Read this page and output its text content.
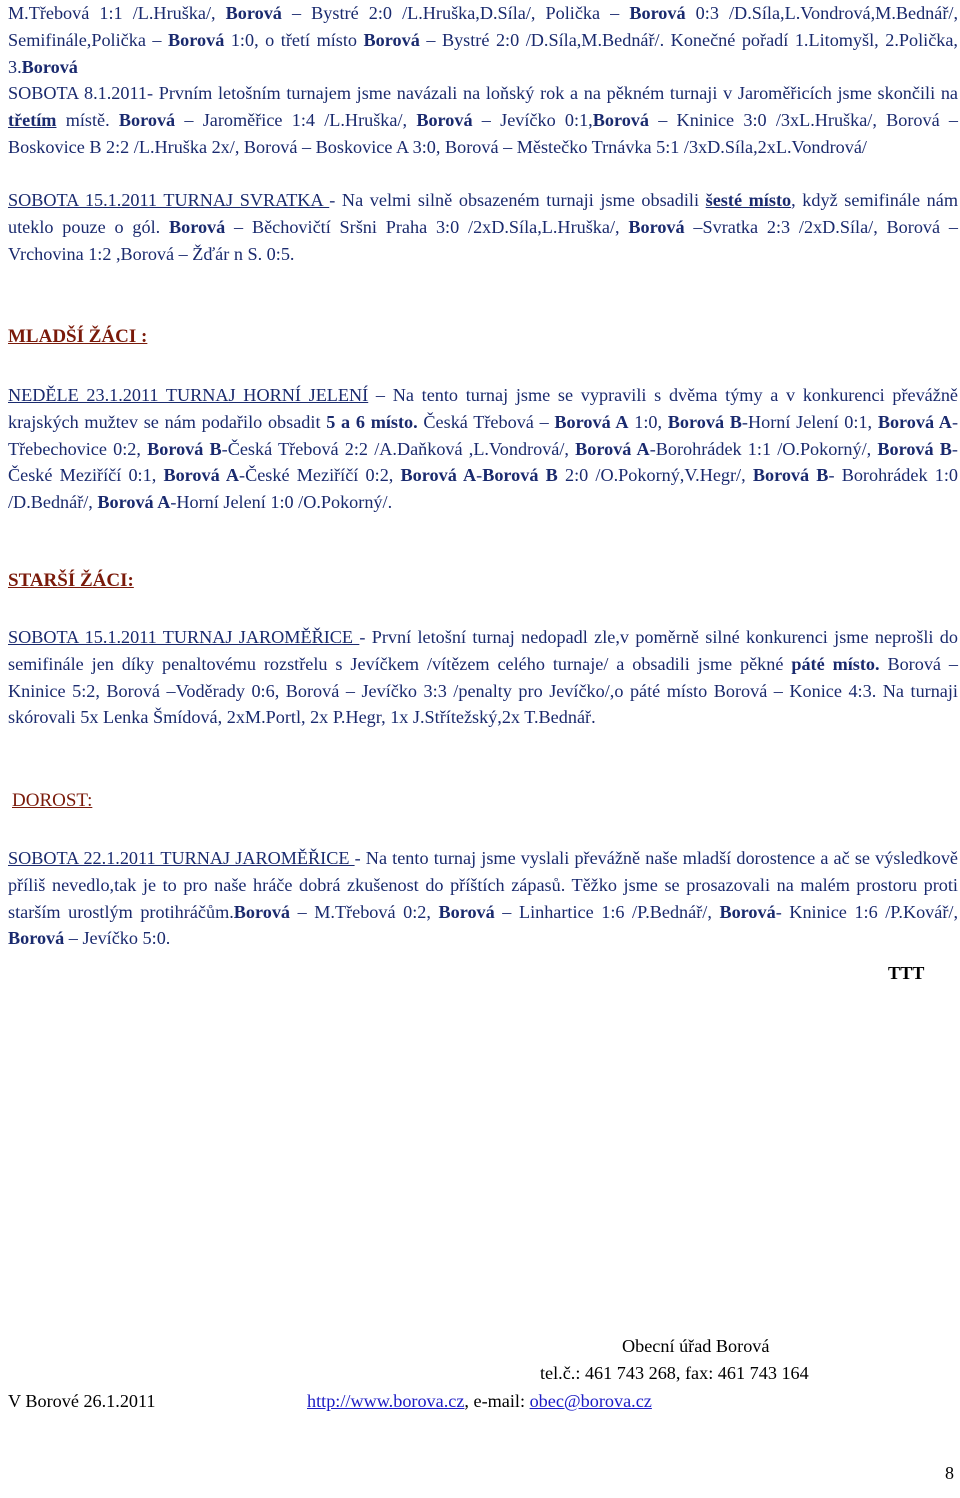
M.Třebová 1:1 /L.Hruška/, Borová – Bystré 2:0 /L.Hruška,D.Síla/, Polička – Borová 0:3 /D.Síla,L.Vondrová,M.Bednář/, Semifinále,Polička – Borová 1:0, o třetí místo Borová – Bystré 2:0 /D.Síla,M.Bednář/. Konečné pořadí 1.Litomyšl, 2.Polička, 3.Borová
SOBOTA 8.1.2011- Prvním letošním turnajem jsme navázali na loňský rok a na pěkném turnaji v Jaroměřicích jsme skončili na třetím místě. Borová – Jaroměřice 1:4 /L.Hruška/, Borová – Jevíčko 0:1,Borová – Kninice 3:0 /3xL.Hruška/, Borová – Boskovice B 2:2 /L.Hruška 2x/, Borová – Boskovice A 3:0, Borová – Městečko Trnávka 5:1 /3xD.Síla,2xL.Vondrová/
SOBOTA 15.1.2011 TURNAJ SVRATKA - Na velmi silně obsazeném turnaji jsme obsadili šesté místo, když semifinále nám uteklo pouze o gól. Borová – Běchovičtí Sršni Praha 3:0 /2xD.Síla,L.Hruška/, Borová –Svratka 2:3 /2xD.Síla/, Borová – Vrchovina 1:2 ,Borová – Žďár n S. 0:5.
MLADŠÍ ŽÁCI :
NEDĚLE 23.1.2011 TURNAJ HORNÍ JELENÍ – Na tento turnaj jsme se vypravili s dvěma týmy a v konkurenci převážně krajských mužtev se nám podařilo obsadit 5 a 6 místo. Česká Třebová – Borová A 1:0, Borová B-Horní Jelení 0:1, Borová A- Třebechovice 0:2, Borová B-Česká Třebová 2:2 /A.Daňková ,L.Vondrová/, Borová A-Borohrádek 1:1 /O.Pokorný/, Borová B-České Meziříčí 0:1, Borová A-České Meziříčí 0:2, Borová A-Borová B 2:0 /O.Pokorný,V.Hegr/, Borová B- Borohrádek 1:0 /D.Bednář/, Borová A-Horní Jelení 1:0 /O.Pokorný/.
STARŠÍ ŽÁCI:
SOBOTA 15.1.2011 TURNAJ JAROMĚŘICE - První letošní turnaj nedopadl zle,v poměrně silné konkurenci jsme neprošli do semifinále jen díky penaltovému rozstřelu s Jevíčkem /vítězem celého turnaje/ a obsadili jsme pěkné páté místo. Borová –Kninice 5:2, Borová –Voděrady 0:6, Borová – Jevíčko 3:3 /penalty pro Jevíčko/,o páté místo Borová – Konice 4:3. Na turnaji skórovali 5x Lenka Šmídová, 2xM.Portl, 2x P.Hegr, 1x J.Střítežský,2x T.Bednář.
DOROST:
SOBOTA 22.1.2011 TURNAJ JAROMĚŘICE - Na tento turnaj jsme vyslali převážně naše mladší dorostence a ač se výsledkově příliš nevedlo,tak je to pro naše hráče dobrá zkušenost do příštích zápasů. Těžko jsme se prosazovali na malém prostoru proti starším urostlým protihráčům.Borová – M.Třebová 0:2, Borová – Linhartice 1:6 /P.Bednář/, Borová- Kninice 1:6 /P.Kovář/, Borová – Jevíčko 5:0.
TTT
Obecní úřad Borová
tel.č.: 461 743 268, fax: 461 743 164
V Borové 26.1.2011	http://www.borova.cz, e-mail: obec@borova.cz
8
